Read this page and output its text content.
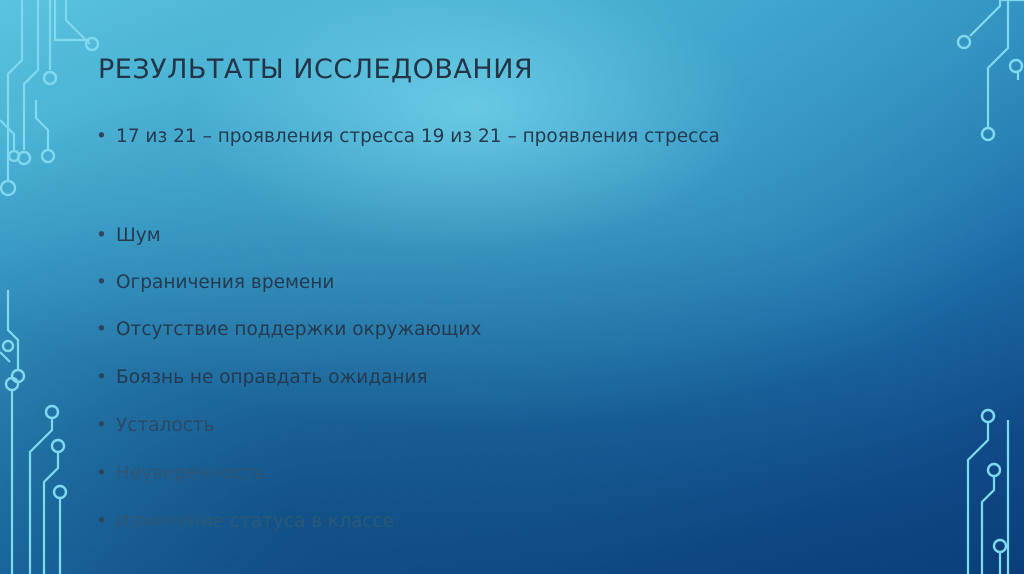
РЕЗУЛЬТАТЫ ИССЛЕДОВАНИЯ
• 17 из 21 – проявления стресса 19 из 21 – проявления стресса
• Шум
• Ограничения времени
• Отсутствие поддержки окружающих
• Боязнь не оправдать ожидания
• Усталость
• Неуверенность
• Изменение статуса в классе
